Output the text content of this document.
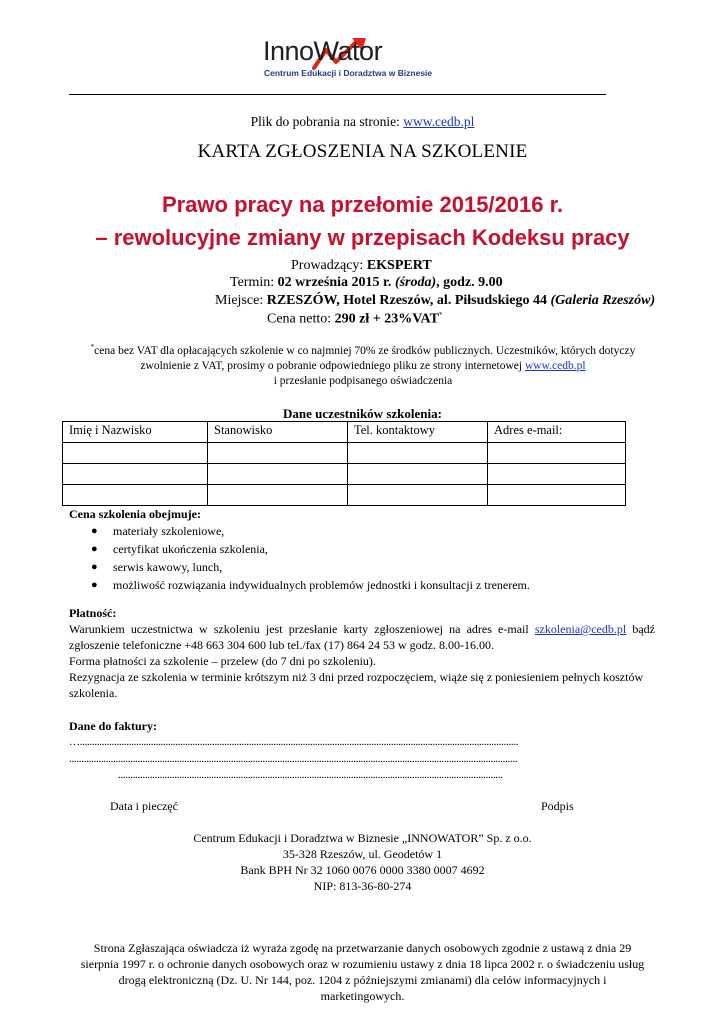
InnoWator
Centrum Edukacji i Doradztwa w Biznesie
Plik do pobrania na stronie: www.cedb.pl
KARTA ZGŁOSZENIA NA SZKOLENIE
Prawo pracy na przełomie 2015/2016 r.
– rewolucyjne zmiany w przepisach Kodeksu pracy
Prowadzący: EKSPERT
Termin: 02 września 2015 r. (środa), godz. 9.00
Miejsce: RZESZÓW, Hotel Rzeszów, al. Piłsudskiego 44 (Galeria Rzeszów)
Cena netto: 290 zł + 23%VAT*
*cena bez VAT dla opłacających szkolenie w co najmniej 70% ze środków publicznych. Uczestników, których dotyczy zwolnienie z VAT, prosimy o pobranie odpowiedniego pliku ze strony internetowej www.cedb.pl
i przesłanie podpisanego oświadczenia
Dane uczestników szkolenia:
Imię i Nazwisko	Stanowisko	Tel. kontaktowy	Adres e-mail:

Cena szkolenia obejmuje:
● materiały szkoleniowe,
● certyfikat ukończenia szkolenia,
● serwis kawowy, lunch,
● możliwość rozwiązania indywidualnych problemów jednostki i konsultacji z trenerem.
Płatność:
Warunkiem uczestnictwa w szkoleniu jest przesłanie karty zgłoszeniowej na adres e-mail szkolenia@cedb.pl bądź zgłoszenie telefoniczne +48 663 304 600 lub tel./fax (17) 864 24 53 w godz. 8.00-16.00.
Forma płatności za szkolenie – przelew (do 7 dni po szkoleniu).
Rezygnacja ze szkolenia w terminie krótszym niż 3 dni przed rozpoczęciem, wiąże się z poniesieniem pełnych kosztów szkolenia.
Dane do faktury:
…...................................................................................................................................................................................
.......................................................................................................................................................................................
.............................................................................................................................................................
Data i pieczęć	Podpis
Centrum Edukacji i Doradztwa w Biznesie „INNOWATOR” Sp. z o.o.
35-328 Rzeszów, ul. Geodetów 1
Bank BPH Nr 32 1060 0076 0000 3380 0007 4692
NIP: 813-36-80-274
Strona Zgłaszająca oświadcza iż wyraża zgodę na przetwarzanie danych osobowych zgodnie z ustawą z dnia 29 sierpnia 1997 r. o ochronie danych osobowych oraz w rozumieniu ustawy z dnia 18 lipca 2002 r. o świadczeniu usług drogą elektroniczną (Dz. U. Nr 144, poz. 1204 z późniejszymi zmianami) dla celów informacyjnych i marketingowych.
